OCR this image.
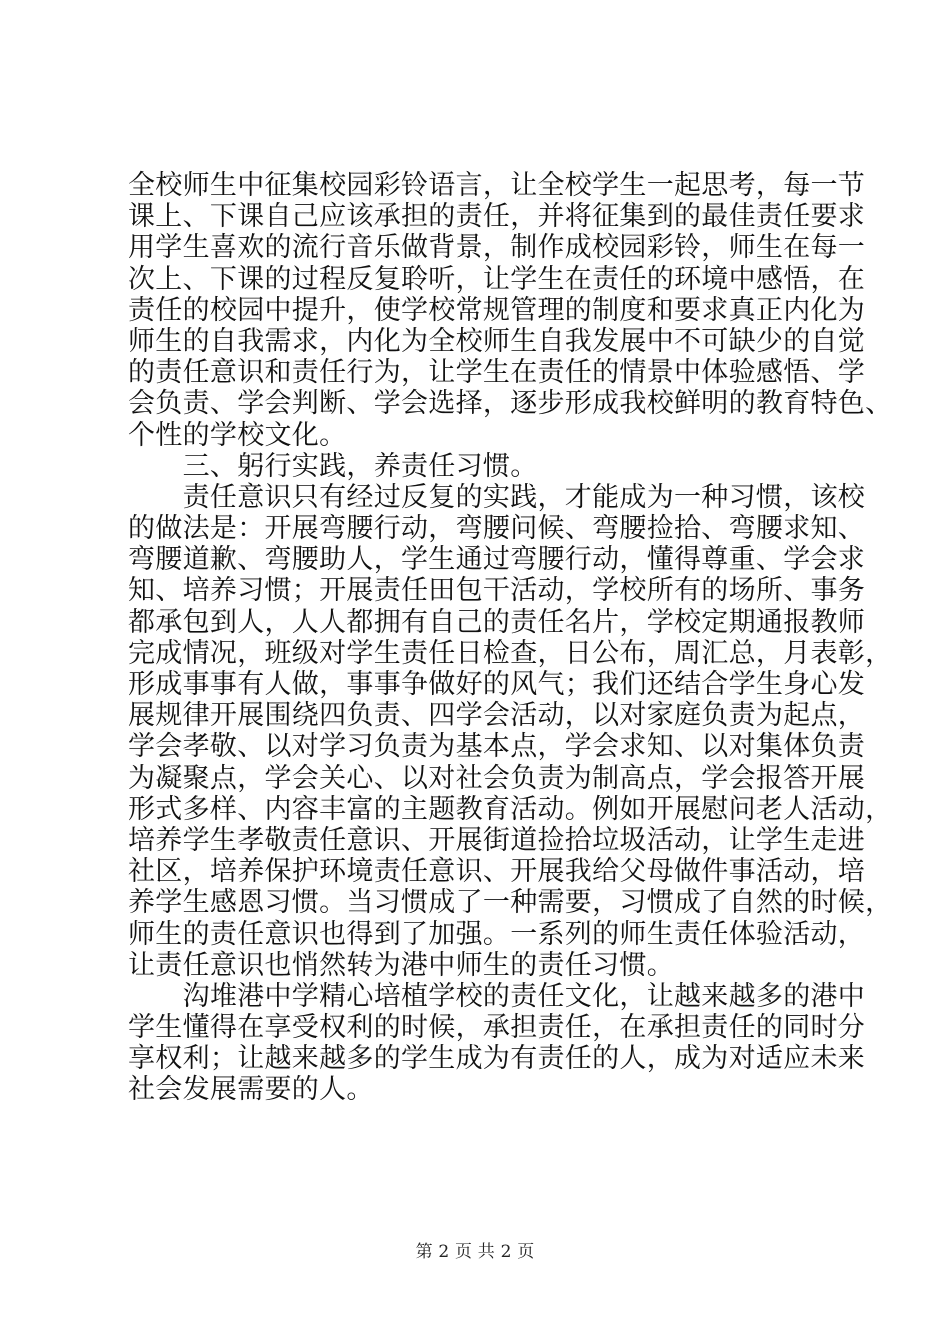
全校师生中征集校园彩铃语言，让全校学生一起思考，每一节
课上、下课自己应该承担的责任，并将征集到的最佳责任要求
用学生喜欢的流行音乐做背景，制作成校园彩铃，师生在每一
次上、下课的过程反复聆听，让学生在责任的环境中感悟，在
责任的校园中提升，使学校常规管理的制度和要求真正内化为
师生的自我需求，内化为全校师生自我发展中不可缺少的自觉
的责任意识和责任行为，让学生在责任的情景中体验感悟、学
会负责、学会判断、学会选择，逐步形成我校鲜明的教育特色、
个性的学校文化。
　　三、躬行实践，养责任习惯。
　　责任意识只有经过反复的实践，才能成为一种习惯，该校
的做法是：开展弯腰行动，弯腰问候、弯腰捡拾、弯腰求知、
弯腰道歉、弯腰助人，学生通过弯腰行动，懂得尊重、学会求
知、培养习惯；开展责任田包干活动，学校所有的场所、事务
都承包到人，人人都拥有自己的责任名片，学校定期通报教师
完成情况，班级对学生责任日检查，日公布，周汇总，月表彰，
形成事事有人做，事事争做好的风气；我们还结合学生身心发
展规律开展围绕四负责、四学会活动，以对家庭负责为起点，
学会孝敬、以对学习负责为基本点，学会求知、以对集体负责
为凝聚点，学会关心、以对社会负责为制高点，学会报答开展
形式多样、内容丰富的主题教育活动。例如开展慰问老人活动，
培养学生孝敬责任意识、开展街道捡拾垃圾活动，让学生走进
社区，培养保护环境责任意识、开展我给父母做件事活动，培
养学生感恩习惯。当习惯成了一种需要，习惯成了自然的时候，
师生的责任意识也得到了加强。一系列的师生责任体验活动，
让责任意识也悄然转为港中师生的责任习惯。
　　沟堆港中学精心培植学校的责任文化，让越来越多的港中
学生懂得在享受权利的时候，承担责任，在承担责任的同时分
享权利；让越来越多的学生成为有责任的人，成为对适应未来
社会发展需要的人。
第 2 页 共 2 页
